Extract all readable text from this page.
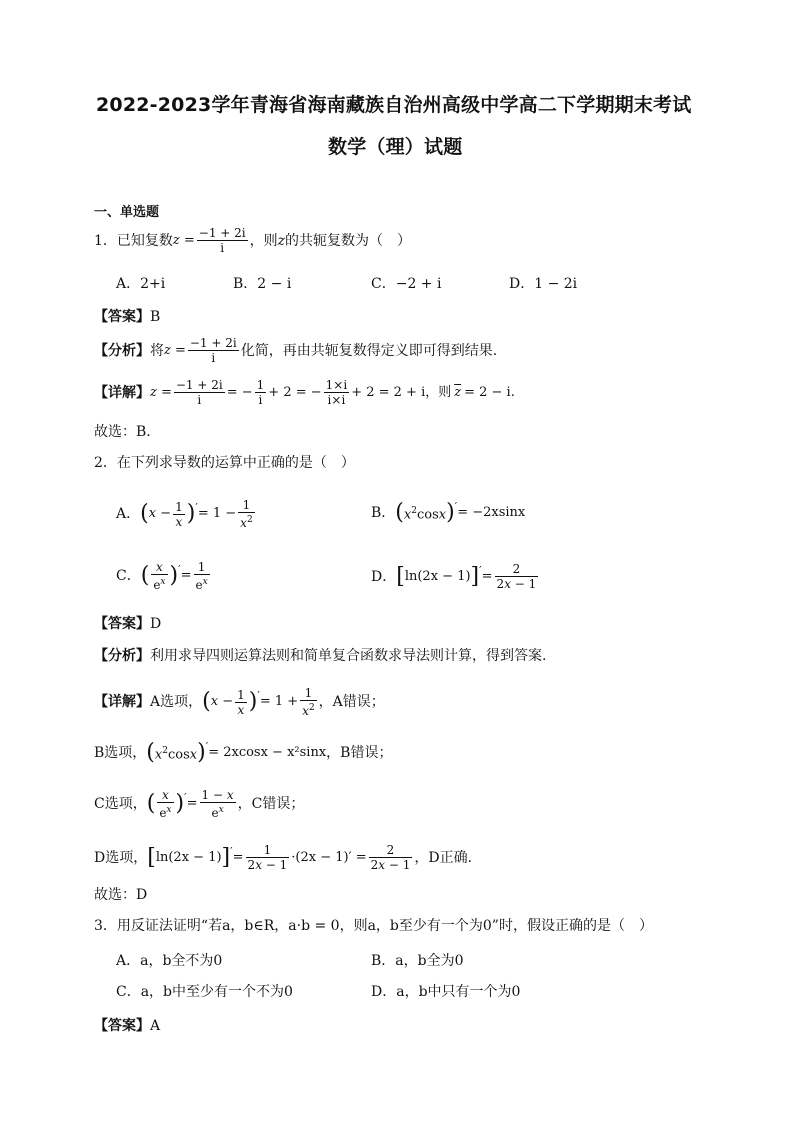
2022-2023学年青海省海南藏族自治州高级中学高二下学期期末考试
数学（理）试题
一、单选题
1．已知复数 $z = \frac{-1 + 2i}{i}$ ，则 z 的共轭复数为（　）
A．2+i	B．2 − i	C．−2 + i	D．1 − 2i
【答案】B
【分析】 将 $z = \frac{-1 + 2i}{i}$ 化简，再由共轭复数得定义即可得到结果.
【详解】 $z = \frac{-1 + 2i}{i}$ = − $\frac{1}{i} + 2$ = − $\frac{1\times i}{i\times i} + 2 = 2 + i$，则 $\overline{z} = 2 - i$.
故选：B.
2．在下列求导数的运算中正确的是（　）
A． ( $x - \frac{1}{x}$ ) ′ = $1 - \frac{1}{x^2}$	B． ( $x^2\cos x$ ) ′ = −2xsinx
C． ( $\frac{x}{e^x}$ ) ′ = $\frac{1}{e^x}$	D． [ ln(2x − 1) ] ′ = $\frac{2}{2x - 1}$
【答案】D
【分析】利用求导四则运算法则和简单复合函数求导法则计算，得到答案.
【详解】 A选项， ( $x - \frac{1}{x}$ ) ′ = $1 + \frac{1}{x^2}$ ，A错误；
B选项， ( $x^2\cos x$ ) ′ = 2xcosx − x²sinx ，B错误；
C选项， ( $\frac{x}{e^x}$ ) ′ = $\frac{1 - x}{e^x}$ ，C错误；
D选项， [ ln(2x − 1) ] ′ = $\frac{1}{2x - 1} \cdot(2x - 1)' = \frac{2}{2x - 1}$ ，D正确.
故选：D
3．用反证法证明“若a，b∈R，a·b = 0，则a，b至少有一个为0”时，假设正确的是（　）
A．a，b全不为0	B．a，b全为0
C．a，b中至少有一个不为0	D．a，b中只有一个为0
【答案】A
